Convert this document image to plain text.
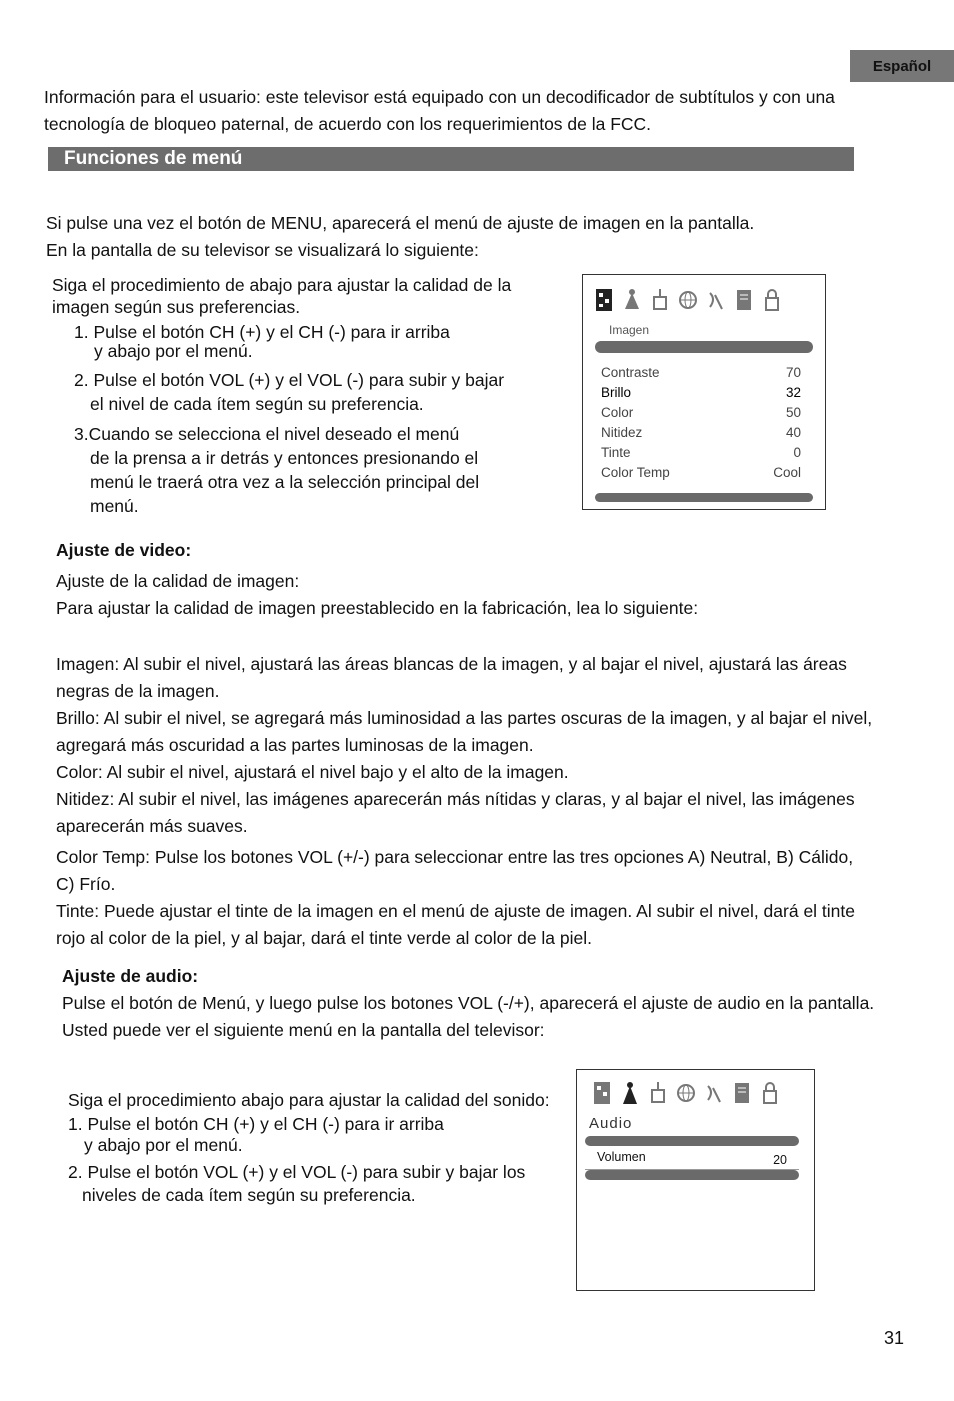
Español
Información para el usuario: este televisor está equipado con un decodificador de subtítulos y con una
tecnología de bloqueo paternal, de acuerdo con los requerimientos de la FCC.
Funciones de menú
Si pulse una vez el botón de MENU, aparecerá el menú de ajuste de imagen en la pantalla.
En la pantalla de su televisor se visualizará lo siguiente:
Siga el procedimiento de abajo para ajustar la calidad de la
imagen según sus preferencias.
1. Pulse el botón CH (+) y el CH (-) para ir arriba
y abajo por el menú.
2. Pulse el botón VOL (+) y el VOL (-) para subir y bajar
el nivel de cada ítem según su preferencia.
3.Cuando se selecciona el nivel deseado el menú
de la prensa a ir detrás y entonces presionando el
menú le traerá otra vez a la selección principal del
menú.
Imagen
Contraste	70
Brillo	32
Color	50
Nitidez	40
Tinte	0
Color Temp	Cool
Ajuste de video:
Ajuste de la calidad de imagen:
Para ajustar la calidad de imagen preestablecido en la fabricación, lea lo siguiente:
Imagen: Al subir el nivel, ajustará las áreas blancas de la imagen, y al bajar el nivel, ajustará las áreas
negras de la imagen.
Brillo: Al subir el nivel, se agregará más luminosidad a las partes oscuras de la imagen, y al bajar el nivel,
agregará más oscuridad a las partes luminosas de la imagen.
Color: Al subir el nivel, ajustará el nivel bajo y el alto de la imagen.
Nitidez: Al subir el nivel, las imágenes aparecerán más nítidas y claras, y al bajar el nivel, las imágenes
aparecerán más suaves.
Color Temp: Pulse los botones VOL (+/-) para seleccionar entre las tres opciones A) Neutral, B) Cálido,
C) Frío.
Tinte: Puede ajustar el tinte de la imagen en el menú de ajuste de imagen. Al subir el nivel, dará el tinte
rojo al color de la piel, y al bajar, dará el tinte verde al color de la piel.
Ajuste de audio:
Pulse el botón de Menú, y luego pulse los botones VOL (-/+), aparecerá el ajuste de audio en la pantalla.
Usted puede ver el siguiente menú en la pantalla del televisor:
Siga el procedimiento abajo para ajustar la calidad del sonido:
1. Pulse el botón CH (+) y el CH (-) para ir arriba
y abajo por el menú.
2. Pulse el botón VOL (+) y el VOL (-) para subir y bajar los
niveles de cada ítem según su preferencia.
Audio
Volumen	20
31
